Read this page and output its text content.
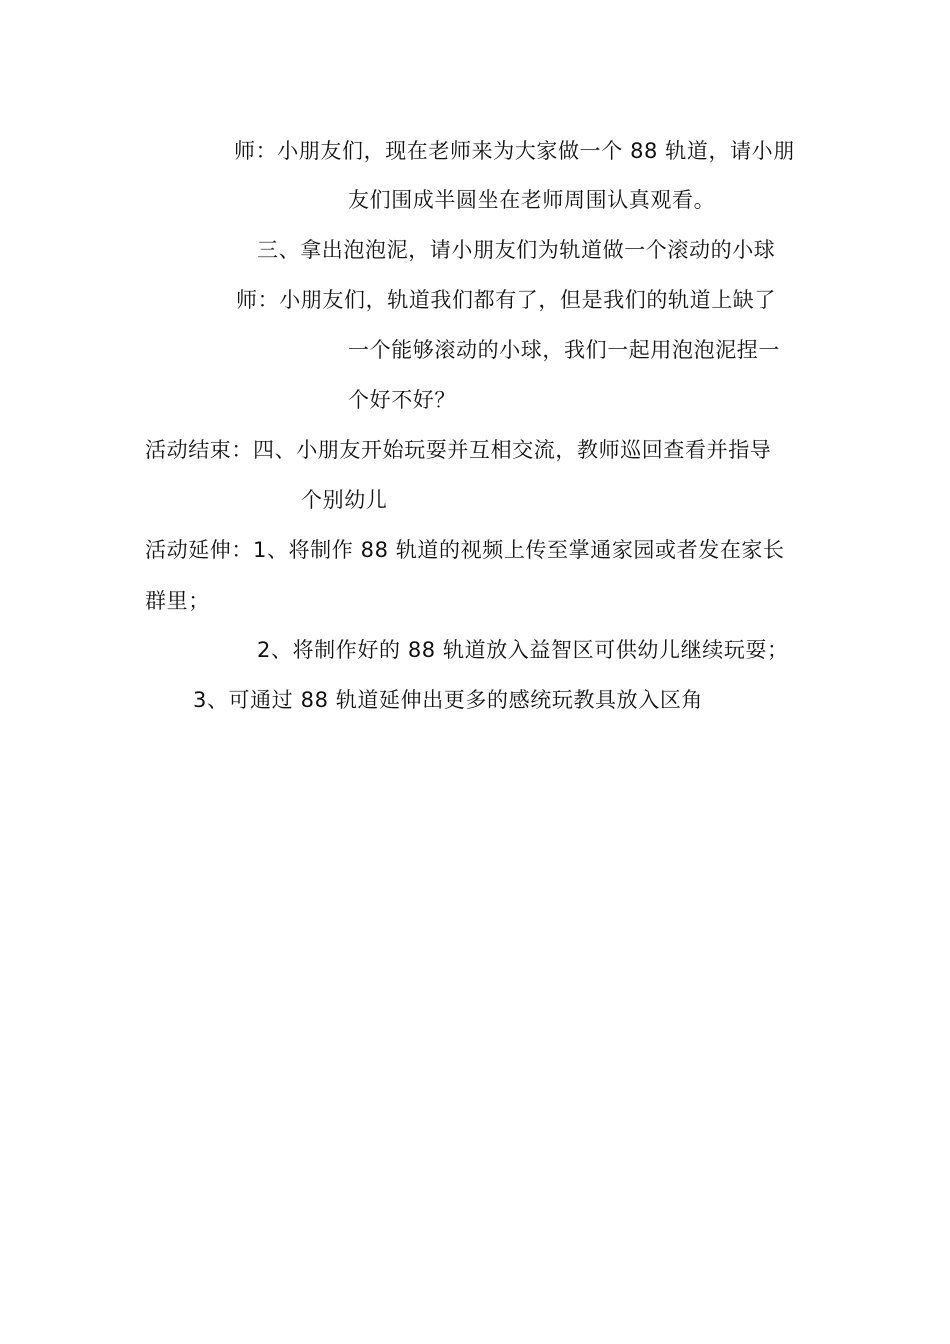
师：小朋友们，现在老师来为大家做一个 88 轨道，请小朋
友们围成半圆坐在老师周围认真观看。
三、拿出泡泡泥，请小朋友们为轨道做一个滚动的小球
师：小朋友们，轨道我们都有了，但是我们的轨道上缺了
一个能够滚动的小球，我们一起用泡泡泥捏一
个好不好？
活动结束：四、小朋友开始玩耍并互相交流，教师巡回查看并指导
个别幼儿
活动延伸：1、将制作 88 轨道的视频上传至掌通家园或者发在家长
群里；
2、将制作好的 88 轨道放入益智区可供幼儿继续玩耍；
3、可通过 88 轨道延伸出更多的感统玩教具放入区角
